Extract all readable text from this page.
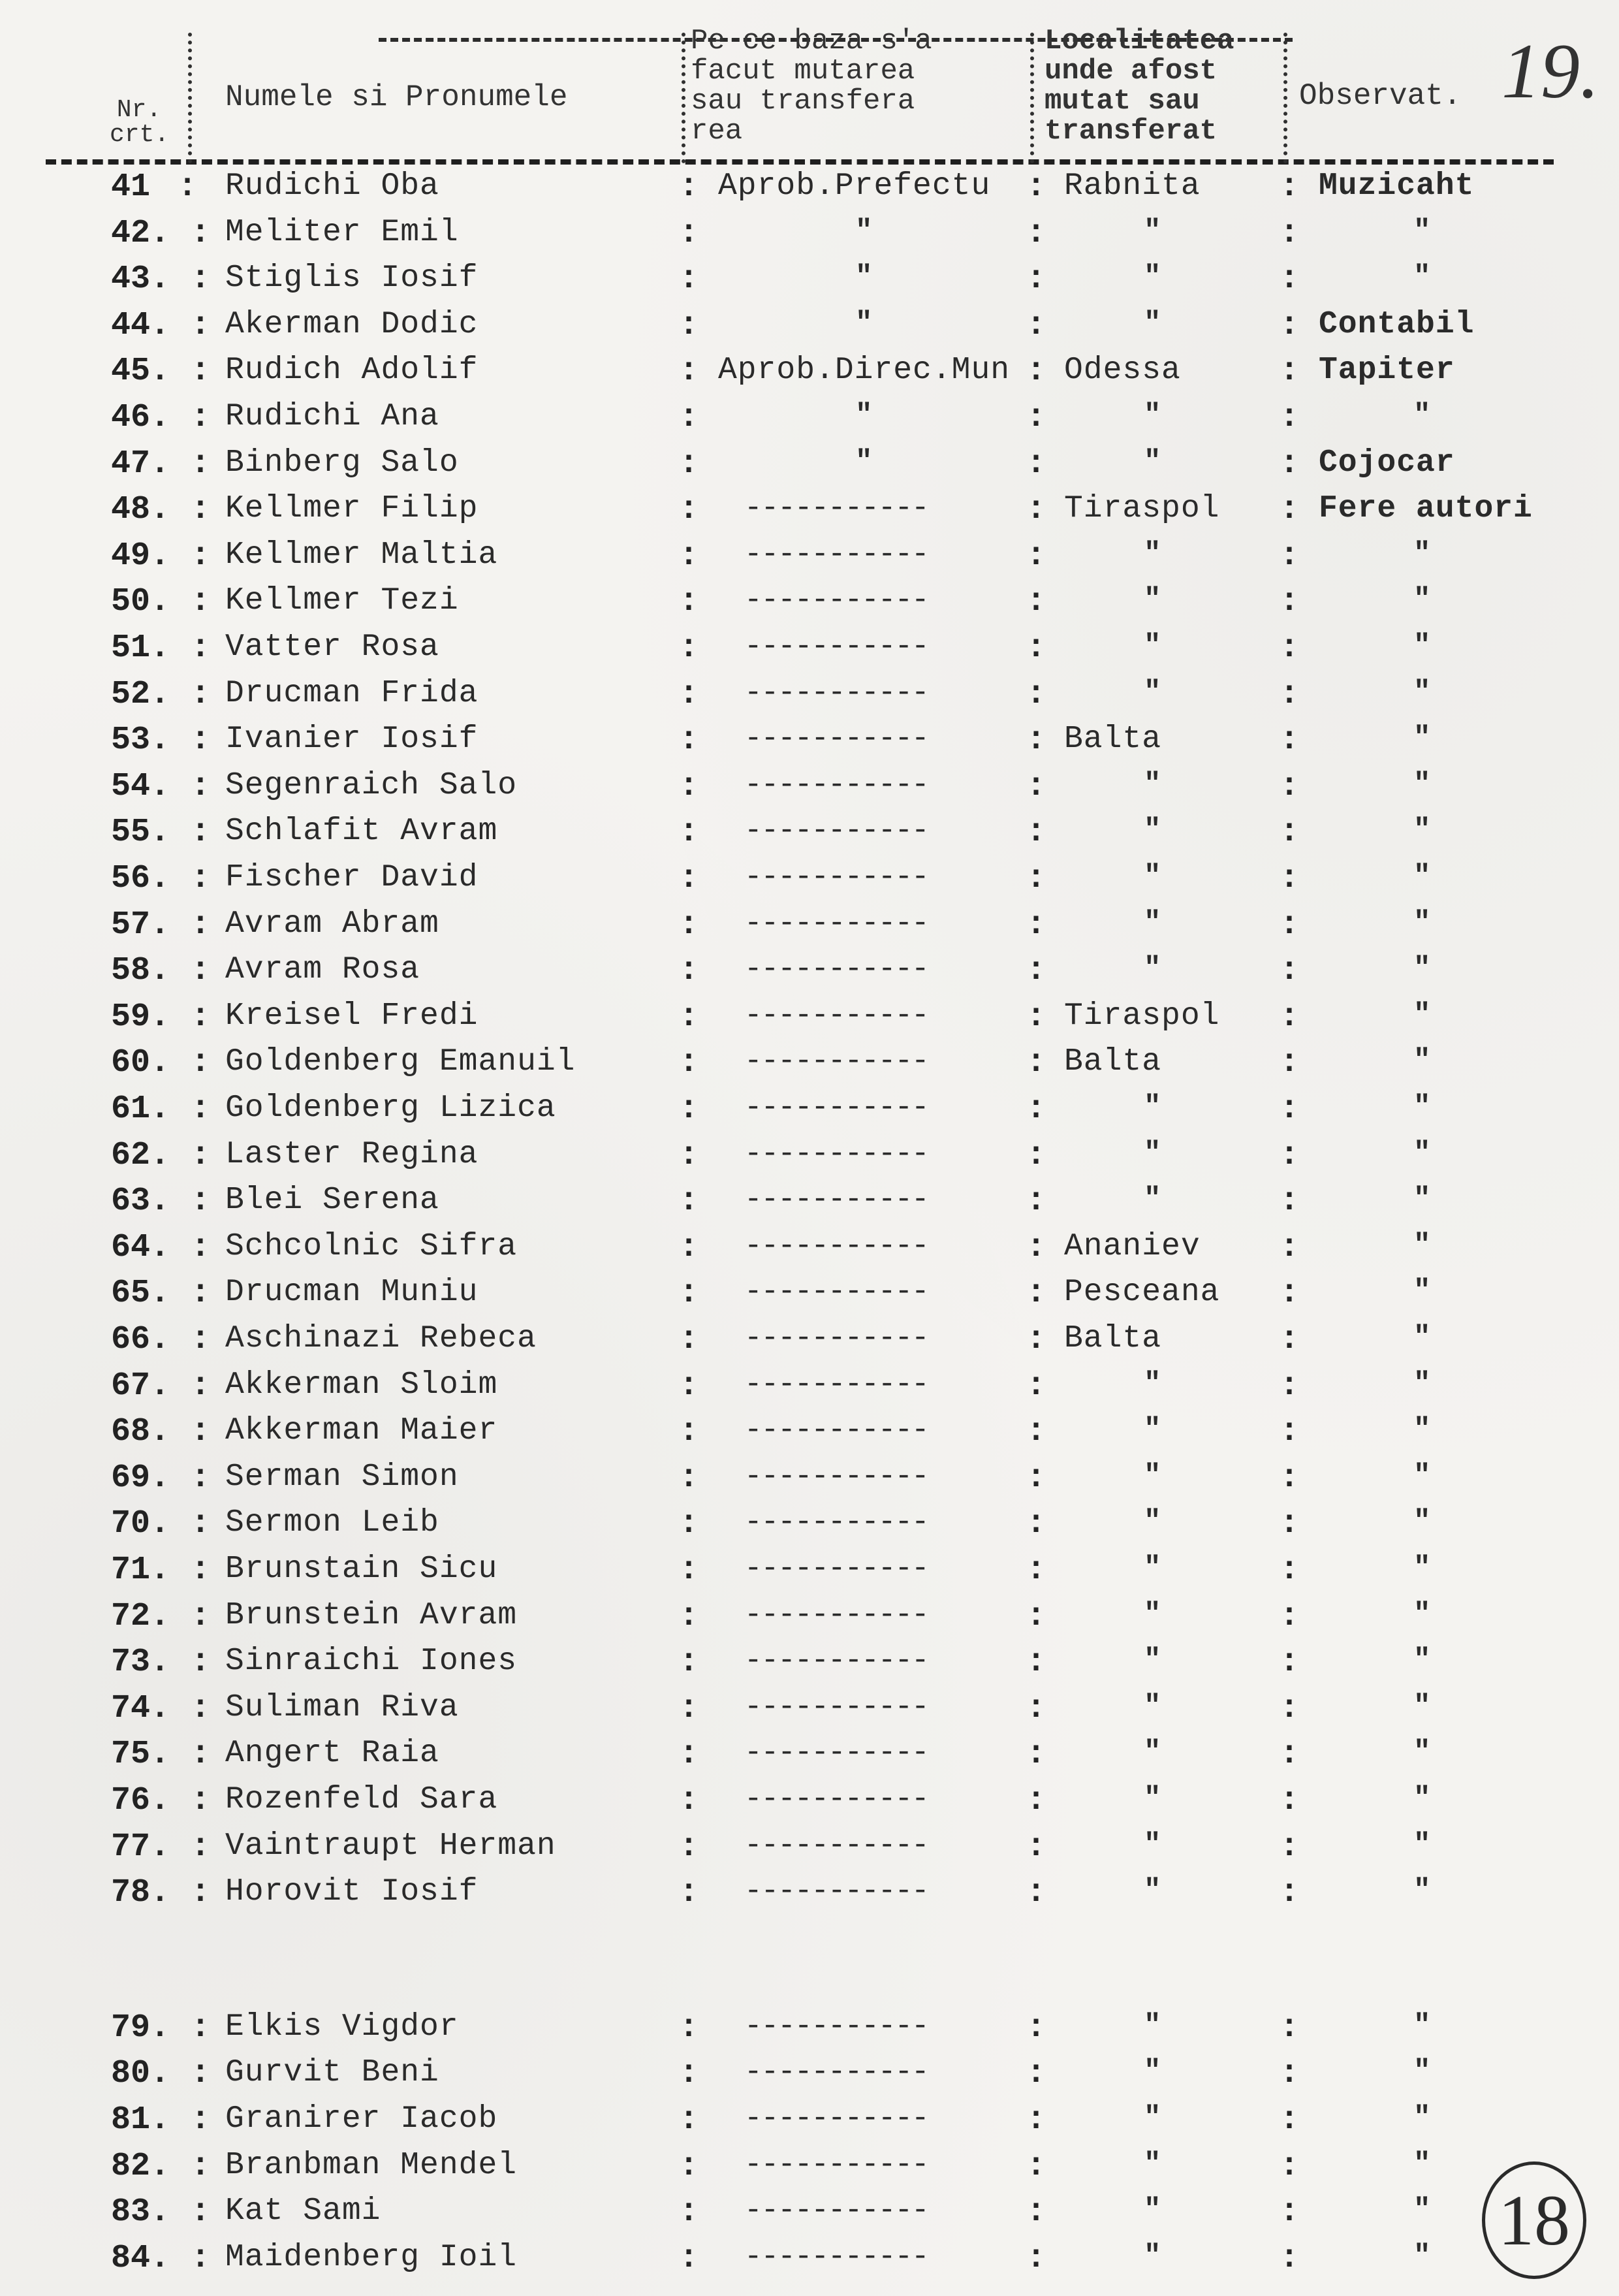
19.
Nr. crt.
Numele si Pronumele
Pe ce baza s'a
facut mutarea
sau transfera
rea
Localitatea
unde afost
mutat sau
transferat
Observat.
41 : Rudichi Oba	: Aprob.Prefectu : Rabnita : Muzicaht
42. : Meliter Emil	:	"	:	"	:	"
43. : Stiglis Iosif	:	"	:	"	:	"
44. : Akerman Dodic	:	"	:	"	: Contabil
45. : Rudich Adolif	: Aprob.Direc.Mun : Odessa	: Tapiter
46. : Rudichi Ana	:	"	:	"	:	"
47. : Binberg Salo	:	"	:	"	: Cojocar
48. : Kellmer Filip	: -----------	: Tiraspol : Fere autori
49. : Kellmer Maltia	: -----------	:	"	:	"
50. : Kellmer Tezi	: -----------	:	"	:	"
51. : Vatter Rosa	: -----------	:	"	:	"
52. : Drucman Frida	: -----------	:	"	:	"
53. : Ivanier Iosif	: -----------	: Balta	:	"
54. : Segenraich Salo	: -----------	:	"	:	"
55. : Schlafit Avram	: -----------	:	"	:	"
56. : Fischer David	: -----------	:	"	:	"
57. : Avram Abram	: -----------	:	"	:	"
58. : Avram Rosa	: -----------	:	"	:	"
59. : Kreisel Fredi	: -----------	: Tiraspol :	"
60. : Goldenberg Emanuil	: -----------	: Balta	:	"
61. : Goldenberg Lizica	: -----------	:	"	:	"
62. : Laster Regina	: -----------	:	"	:	"
63. : Blei Serena	: -----------	:	"	:	"
64. : Schcolnic Sifra	: -----------	: Ananiev :	"
65. : Drucman Muniu	: -----------	: Pesceana :	"
66. : Aschinazi Rebeca	: -----------	: Balta	:	"
67. : Akkerman Sloim	: -----------	:	"	:	"
68. : Akkerman Maier	: -----------	:	"	:	"
69. : Serman Simon	: -----------	:	"	:	"
70. : Sermon Leib	: -----------	:	"	:	"
71. : Brunstain Sicu	: -----------	:	"	:	"
72. : Brunstein Avram	: -----------	:	"	:	"
73. : Sinraichi Iones	: -----------	:	"	:	"
74. : Suliman Riva	: -----------	:	"	:	"
75. : Angert Raia	: -----------	:	"	:	"
76. : Rozenfeld Sara	: -----------	:	"	:	"
77. : Vaintraupt Herman	: -----------	:	"	:	"
78. : Horovit Iosif	: -----------	:	"	:	"
79. : Elkis Vigdor	: -----------	:	"	:	"
80. : Gurvit Beni	: -----------	:	"	:	"
81. : Granirer Iacob	: -----------	:	"	:	"
82. : Branbman Mendel	: -----------	:	"	:	"
83. : Kat Sami	: -----------	:	"	:	"
84. : Maidenberg Ioil	: -----------	:	"	:	" 18
